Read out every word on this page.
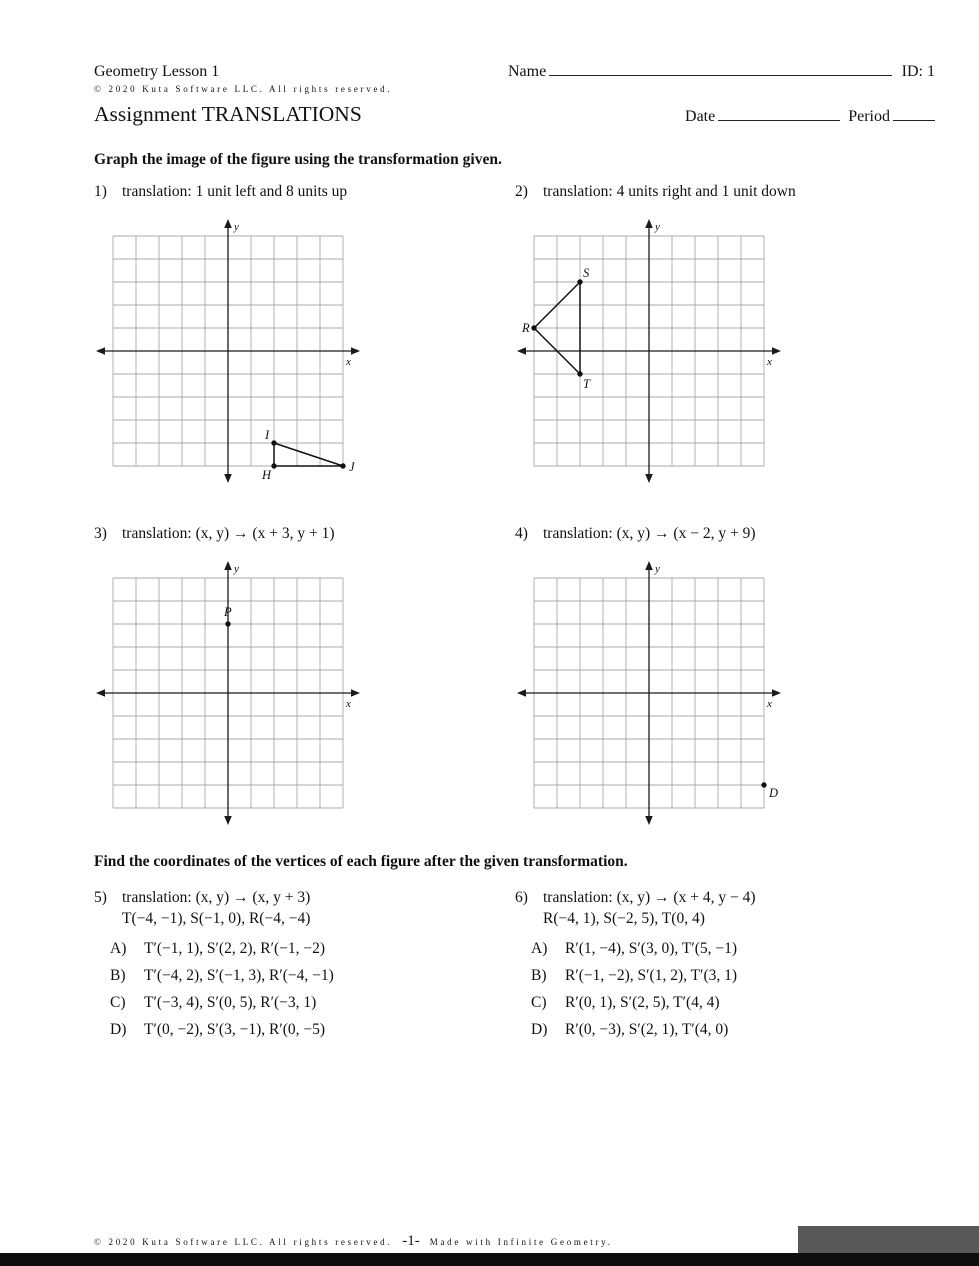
Geometry Lesson 1	Name	ID: 1
© 2020 Kuta Software LLC. All rights reserved.
Assignment TRANSLATIONS	Date	Period
Graph the image of the figure using the transformation given.
1) translation: 1 unit left and 8 units up
x
y
I
H
J
2) translation: 4 units right and 1 unit down
x
y
R
S
T
3) translation: (x, y) → (x + 3, y + 1)
x
y
P
4) translation: (x, y) → (x − 2, y + 9)
x
y
D
Find the coordinates of the vertices of each figure after the given transformation.
5) translation: (x, y) → (x, y + 3)
T(−4, −1), S(−1, 0), R(−4, −4)
A)	T′(−1, 1), S′(2, 2), R′(−1, −2)
B)	T′(−4, 2), S′(−1, 3), R′(−4, −1)
C)	T′(−3, 4), S′(0, 5), R′(−3, 1)
D)	T′(0, −2), S′(3, −1), R′(0, −5)
6) translation: (x, y) → (x + 4, y − 4)
R(−4, 1), S(−2, 5), T(0, 4)
A)	R′(1, −4), S′(3, 0), T′(5, −1)
B)	R′(−1, −2), S′(1, 2), T′(3, 1)
C)	R′(0, 1), S′(2, 5), T′(4, 4)
D)	R′(0, −3), S′(2, 1), T′(4, 0)
© 2020 Kuta Software LLC. All rights reserved. -1- Made with Infinite Geometry.
